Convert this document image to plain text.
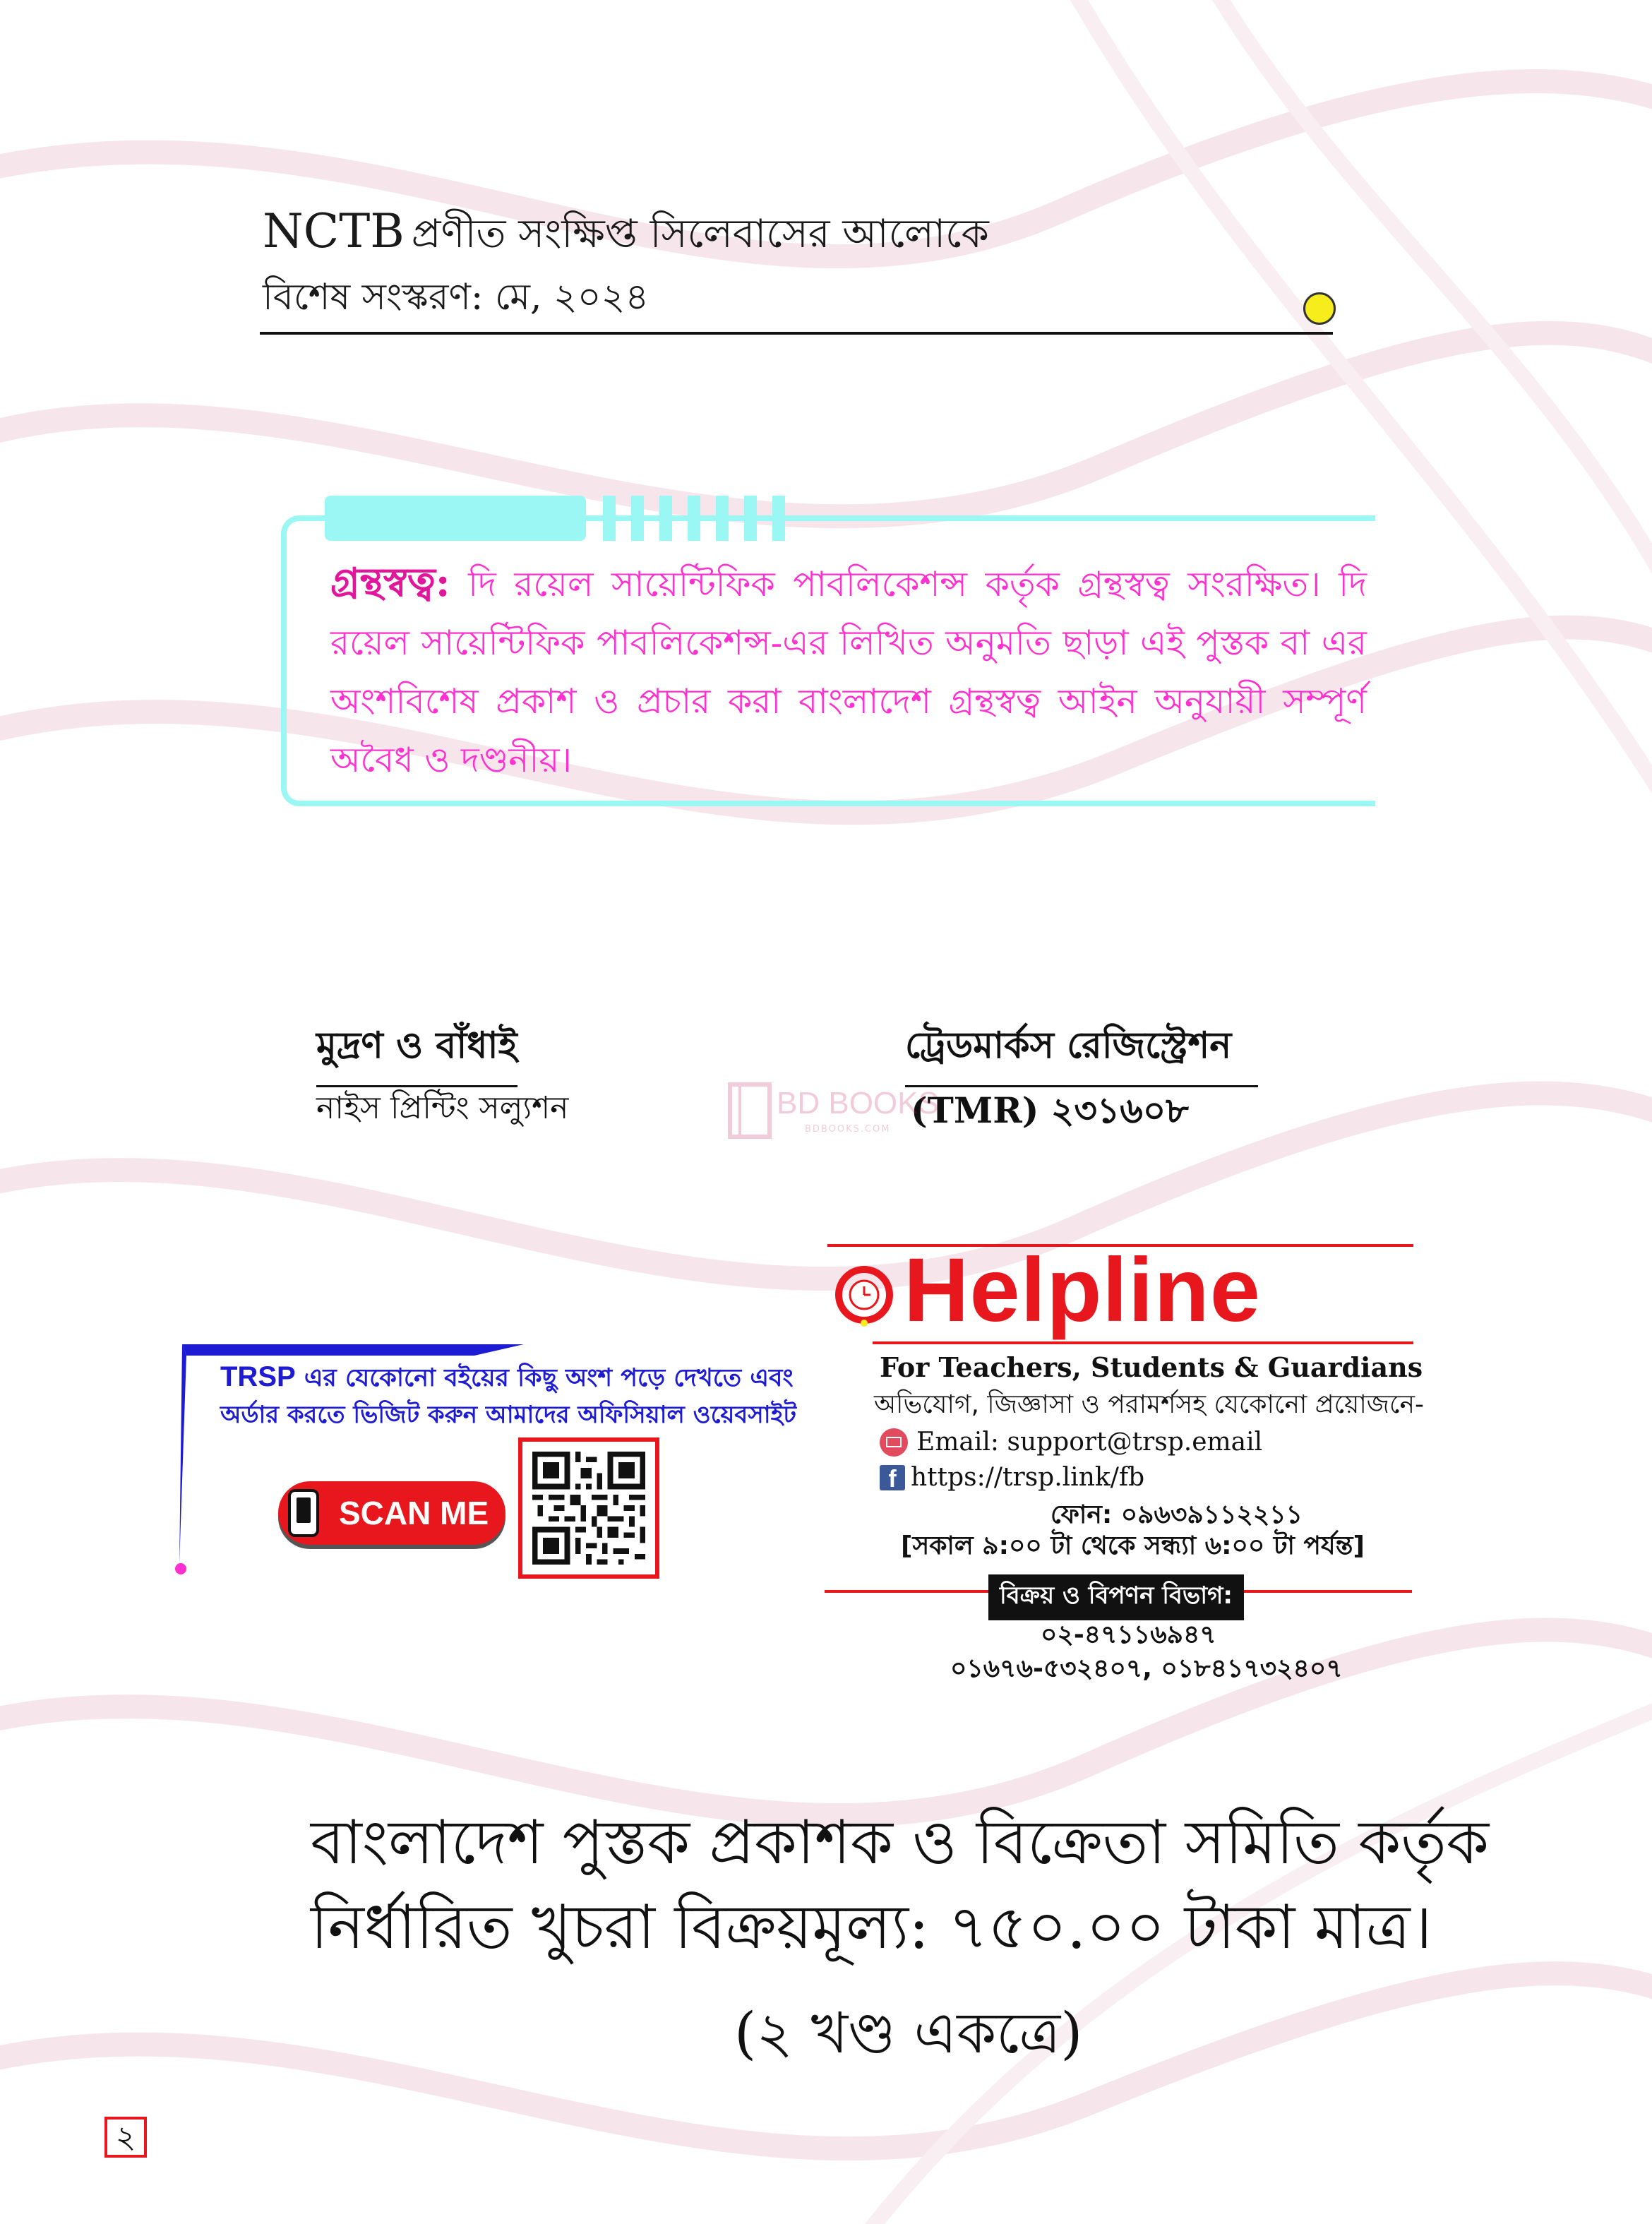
NCTB প্রণীত সংক্ষিপ্ত সিলেবাসের আলোকে
বিশেষ সংস্করণ: মে, ২০২৪
গ্রন্থস্বত্ব: দি রয়েল সায়েন্টিফিক পাবলিকেশন্স কর্তৃক গ্রন্থস্বত্ব সংরক্ষিত। দি রয়েল সায়েন্টিফিক পাবলিকেশন্স-এর লিখিত অনুমতি ছাড়া এই পুস্তক বা এর অংশবিশেষ প্রকাশ ও প্রচার করা বাংলাদেশ গ্রন্থস্বত্ব আইন অনুযায়ী সম্পূর্ণ অবৈধ ও দণ্ডনীয়।
মুদ্রণ ও বাঁধাই
নাইস প্রিন্টিং সল্যুশন
ট্রেডমার্কস রেজিস্ট্রেশন
(TMR) ২৩১৬০৮
BD BOOKS
BDBOOKS.COM
TRSP এর যেকোনো বইয়ের কিছু অংশ পড়ে দেখতে এবং
অর্ডার করতে ভিজিট করুন আমাদের অফিসিয়াল ওয়েবসাইট
SCAN ME
Helpline
For Teachers, Students & Guardians
অভিযোগ, জিজ্ঞাসা ও পরামর্শসহ যেকোনো প্রয়োজনে-
Email: support@trsp.email
f https://trsp.link/fb
ফোন: ০৯৬৩৯১১২২১১
[সকাল ৯:০০ টা থেকে সন্ধ্যা ৬:০০ টা পর্যন্ত]
বিক্রয় ও বিপণন বিভাগ:
০২-৪৭১১৬৯৪৭
০১৬৭৬-৫৩২৪০৭, ০১৮৪১৭৩২৪০৭
বাংলাদেশ পুস্তক প্রকাশক ও বিক্রেতা সমিতি কর্তৃক
নির্ধারিত খুচরা বিক্রয়মূল্য: ৭৫০.০০ টাকা মাত্র।
(২ খণ্ড একত্রে)
২
